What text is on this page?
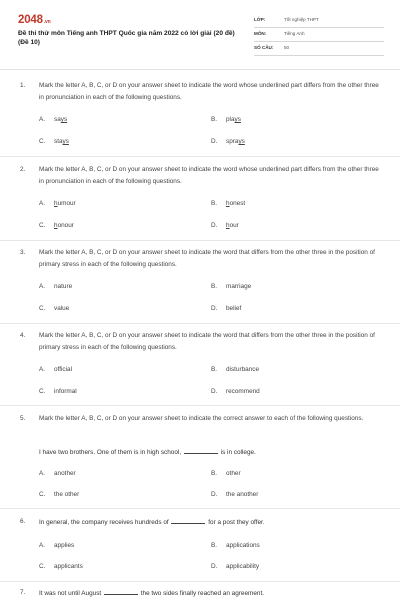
2048.vn
Đề thi thử môn Tiếng anh THPT Quốc gia năm 2022 có lời giải (20 đề) (Đề 10)
LỚP:	Tốt nghiệp THPT
MÔN:	Tiếng Anh
SỐ CÂU: 50
1. Mark the letter A, B, C, or D on your answer sheet to indicate the word whose underlined part differs from the other three in pronunciation in each of the following questions.
A. says	B. plays
C. stays	D. sprays
2. Mark the letter A, B, C, or D on your answer sheet to indicate the word whose underlined part differs from the other three in pronunciation in each of the following questions.
A. humour	B. honest
C. honour	D. hour
3. Mark the letter A, B, C, or D on your answer sheet to indicate the word that differs from the other three in the position of primary stress in each of the following questions.
A. nature	B. marriage
C. value	D. belief
4. Mark the letter A, B, C, or D on your answer sheet to indicate the word that differs from the other three in the position of primary stress in each of the following questions.
A. official	B. disturbance
C. informal	D. recommend
5. Mark the letter A, B, C, or D on your answer sheet to indicate the correct answer to each of the following questions.
I have two brothers. One of them is in high school,	is in college.
A. another	B. other
C. the other	D. the another
6. In general, the company receives hundreds of	for a post they offer.
A. applies	B. applications
C. applicants	D. applicability
7. It was not until August	the two sides finally reached an agreement.
